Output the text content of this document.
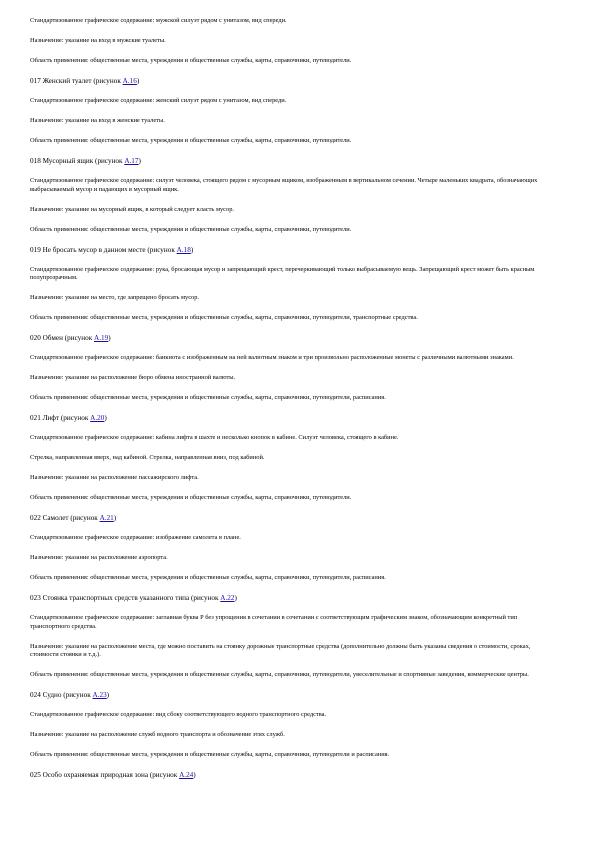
Стандартизованное графическое содержание: мужской силуэт рядом с унитазом, вид спереди.
Назначение: указание на вход в мужские туалеты.
Область применения: общественные места, учреждения и общественные службы, карты, справочники, путеводители.
017 Женский туалет (рисунок А.16)
Стандартизованное графическое содержание: женский силуэт рядом с унитазом, вид спереди.
Назначение: указание на вход в женские туалеты.
Область применения: общественные места, учреждения и общественные службы, карты, справочники, путеводители.
018 Мусорный ящик (рисунок А.17)
Стандартизованное графическое содержание: силуэт человека, стоящего рядом с мусорным ящиком, изображенным в вертикальном сечении. Четыре маленьких квадрата, обозначающих выбрасываемый мусор и падающих в мусорный ящик.
Назначение: указание на мусорный ящик, в который следует класть мусор.
Область применения: общественные места, учреждения и общественные службы, карты, справочники, путеводители.
019 Не бросать мусор в данном месте (рисунок А.18)
Стандартизованное графическое содержание: рука, бросающая мусор и запрещающий крест, перечеркивающий только выбрасываемую вещь. Запрещающий крест может быть красным полупрозрачным.
Назначение: указание на место, где запрещено бросать мусор.
Область применения: общественные места, учреждения и общественные службы, карты, справочники, путеводители, транспортные средства.
020 Обмен (рисунок А.19)
Стандартизованное графическое содержание: банкнота с изображенным на ней валютным знаком и три произвольно расположенные монеты с различными валютными знаками.
Назначение: указание на расположение бюро обмена иностранной валюты.
Область применения: общественные места, учреждения и общественные службы, карты, справочники, путеводители, расписания.
021 Лифт (рисунок А.20)
Стандартизованное графическое содержание: кабина лифта в шахте и несколько кнопок в кабине. Силуэт человека, стоящего в кабине.
Стрелка, направленная вверх, над кабиной. Стрелка, направленная вниз, под кабиной.
Назначение: указание на расположение пассажирского лифта.
Область применения: общественные места, учреждения и общественные службы, карты, справочники, путеводители.
022 Самолет (рисунок А.21)
Стандартизованное графическое содержание: изображение самолета в плане.
Назначение: указание на расположение аэропорта.
Область применения: общественные места, учреждения и общественные службы, карты, справочники, путеводители, расписания.
023 Стоянка транспортных средств указанного типа (рисунок А.22)
Стандартизованное графическое содержание: заглавная буква Р без упрощения в сочетании в сочетании с соответствующим графическим знаком, обозначающим конкретный тип транспортного средства.
Назначение: указание на расположение места, где можно поставить на стоянку дорожные транспортные средства (дополнительно должны быть указаны сведения о стоимости, сроках, стоимости стоянки и т.д.).
Область применения: общественные места, учреждения и общественные службы, карты, справочники, путеводители, увеселительные и спортивные заведения, коммерческие центры.
024 Судно (рисунок А.23)
Стандартизованное графическое содержание: вид сбоку соответствующего водного транспортного средства.
Назначение: указание на расположение служб водного транспорта и обозначение этих служб.
Область применения: общественные места, учреждения и общественные службы, карты, справочники, путеводители и расписания.
025 Особо охраняемая природная зона (рисунок А.24)
